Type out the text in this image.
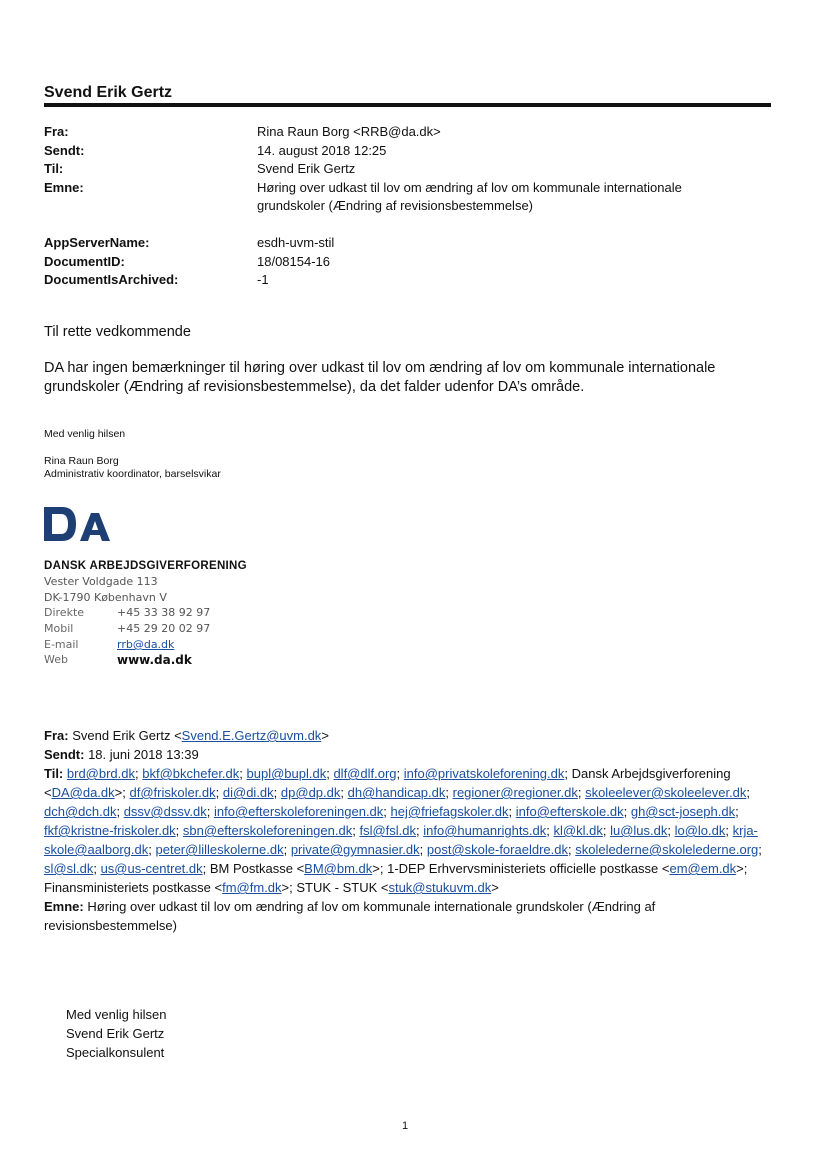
Svend Erik Gertz
Fra:	Rina Raun Borg <RRB@da.dk>
Sendt:	14. august 2018 12:25
Til:	Svend Erik Gertz
Emne:	Høring over udkast til lov om ændring af lov om kommunale internationale grundskoler (Ændring af revisionsbestemmelse)
AppServerName:	esdh-uvm-stil
DocumentID:	18/08154-16
DocumentIsArchived:	-1
Til rette vedkommende
DA har ingen bemærkninger til høring over udkast til lov om ændring af lov om kommunale internationale grundskoler (Ændring af revisionsbestemmelse), da det falder udenfor DA’s område.
Med venlig hilsen
Rina Raun Borg
Administrativ koordinator, barselsvikar
DANSK ARBEJDSGIVERFORENING
Vester Voldgade 113
DK-1790 København V
Direkte	+45 33 38 92 97
Mobil	+45 29 20 02 97
E-mail	rrb@da.dk
Web	www.da.dk
Fra: Svend Erik Gertz <Svend.E.Gertz@uvm.dk>
Sendt: 18. juni 2018 13:39
Til: brd@brd.dk; bkf@bkchefer.dk; bupl@bupl.dk; dlf@dlf.org; info@privatskoleforening.dk; Dansk Arbejdsgiverforening <DA@da.dk>; df@friskoler.dk; di@di.dk; dp@dp.dk; dh@handicap.dk; regioner@regioner.dk; skoleelever@skoleelever.dk; dch@dch.dk; dssv@dssv.dk; info@efterskoleforeningen.dk; hej@friefagskoler.dk; info@efterskole.dk; gh@sct-joseph.dk; fkf@kristne-friskoler.dk; sbn@efterskoleforeningen.dk; fsl@fsl.dk; info@humanrights.dk; kl@kl.dk; lu@lus.dk; lo@lo.dk; krja-skole@aalborg.dk; peter@lilleskolerne.dk; private@gymnasier.dk; post@skole-foraeldre.dk; skolelederne@skolelederne.org; sl@sl.dk; us@us-centret.dk; BM Postkasse <BM@bm.dk>; 1-DEP Erhvervsministeriets officielle postkasse <em@em.dk>; Finansministeriets postkasse <fm@fm.dk>; STUK - STUK <stuk@stukuvm.dk>
Emne: Høring over udkast til lov om ændring af lov om kommunale internationale grundskoler (Ændring af revisionsbestemmelse)
Med venlig hilsen
Svend Erik Gertz
Specialkonsulent
1
